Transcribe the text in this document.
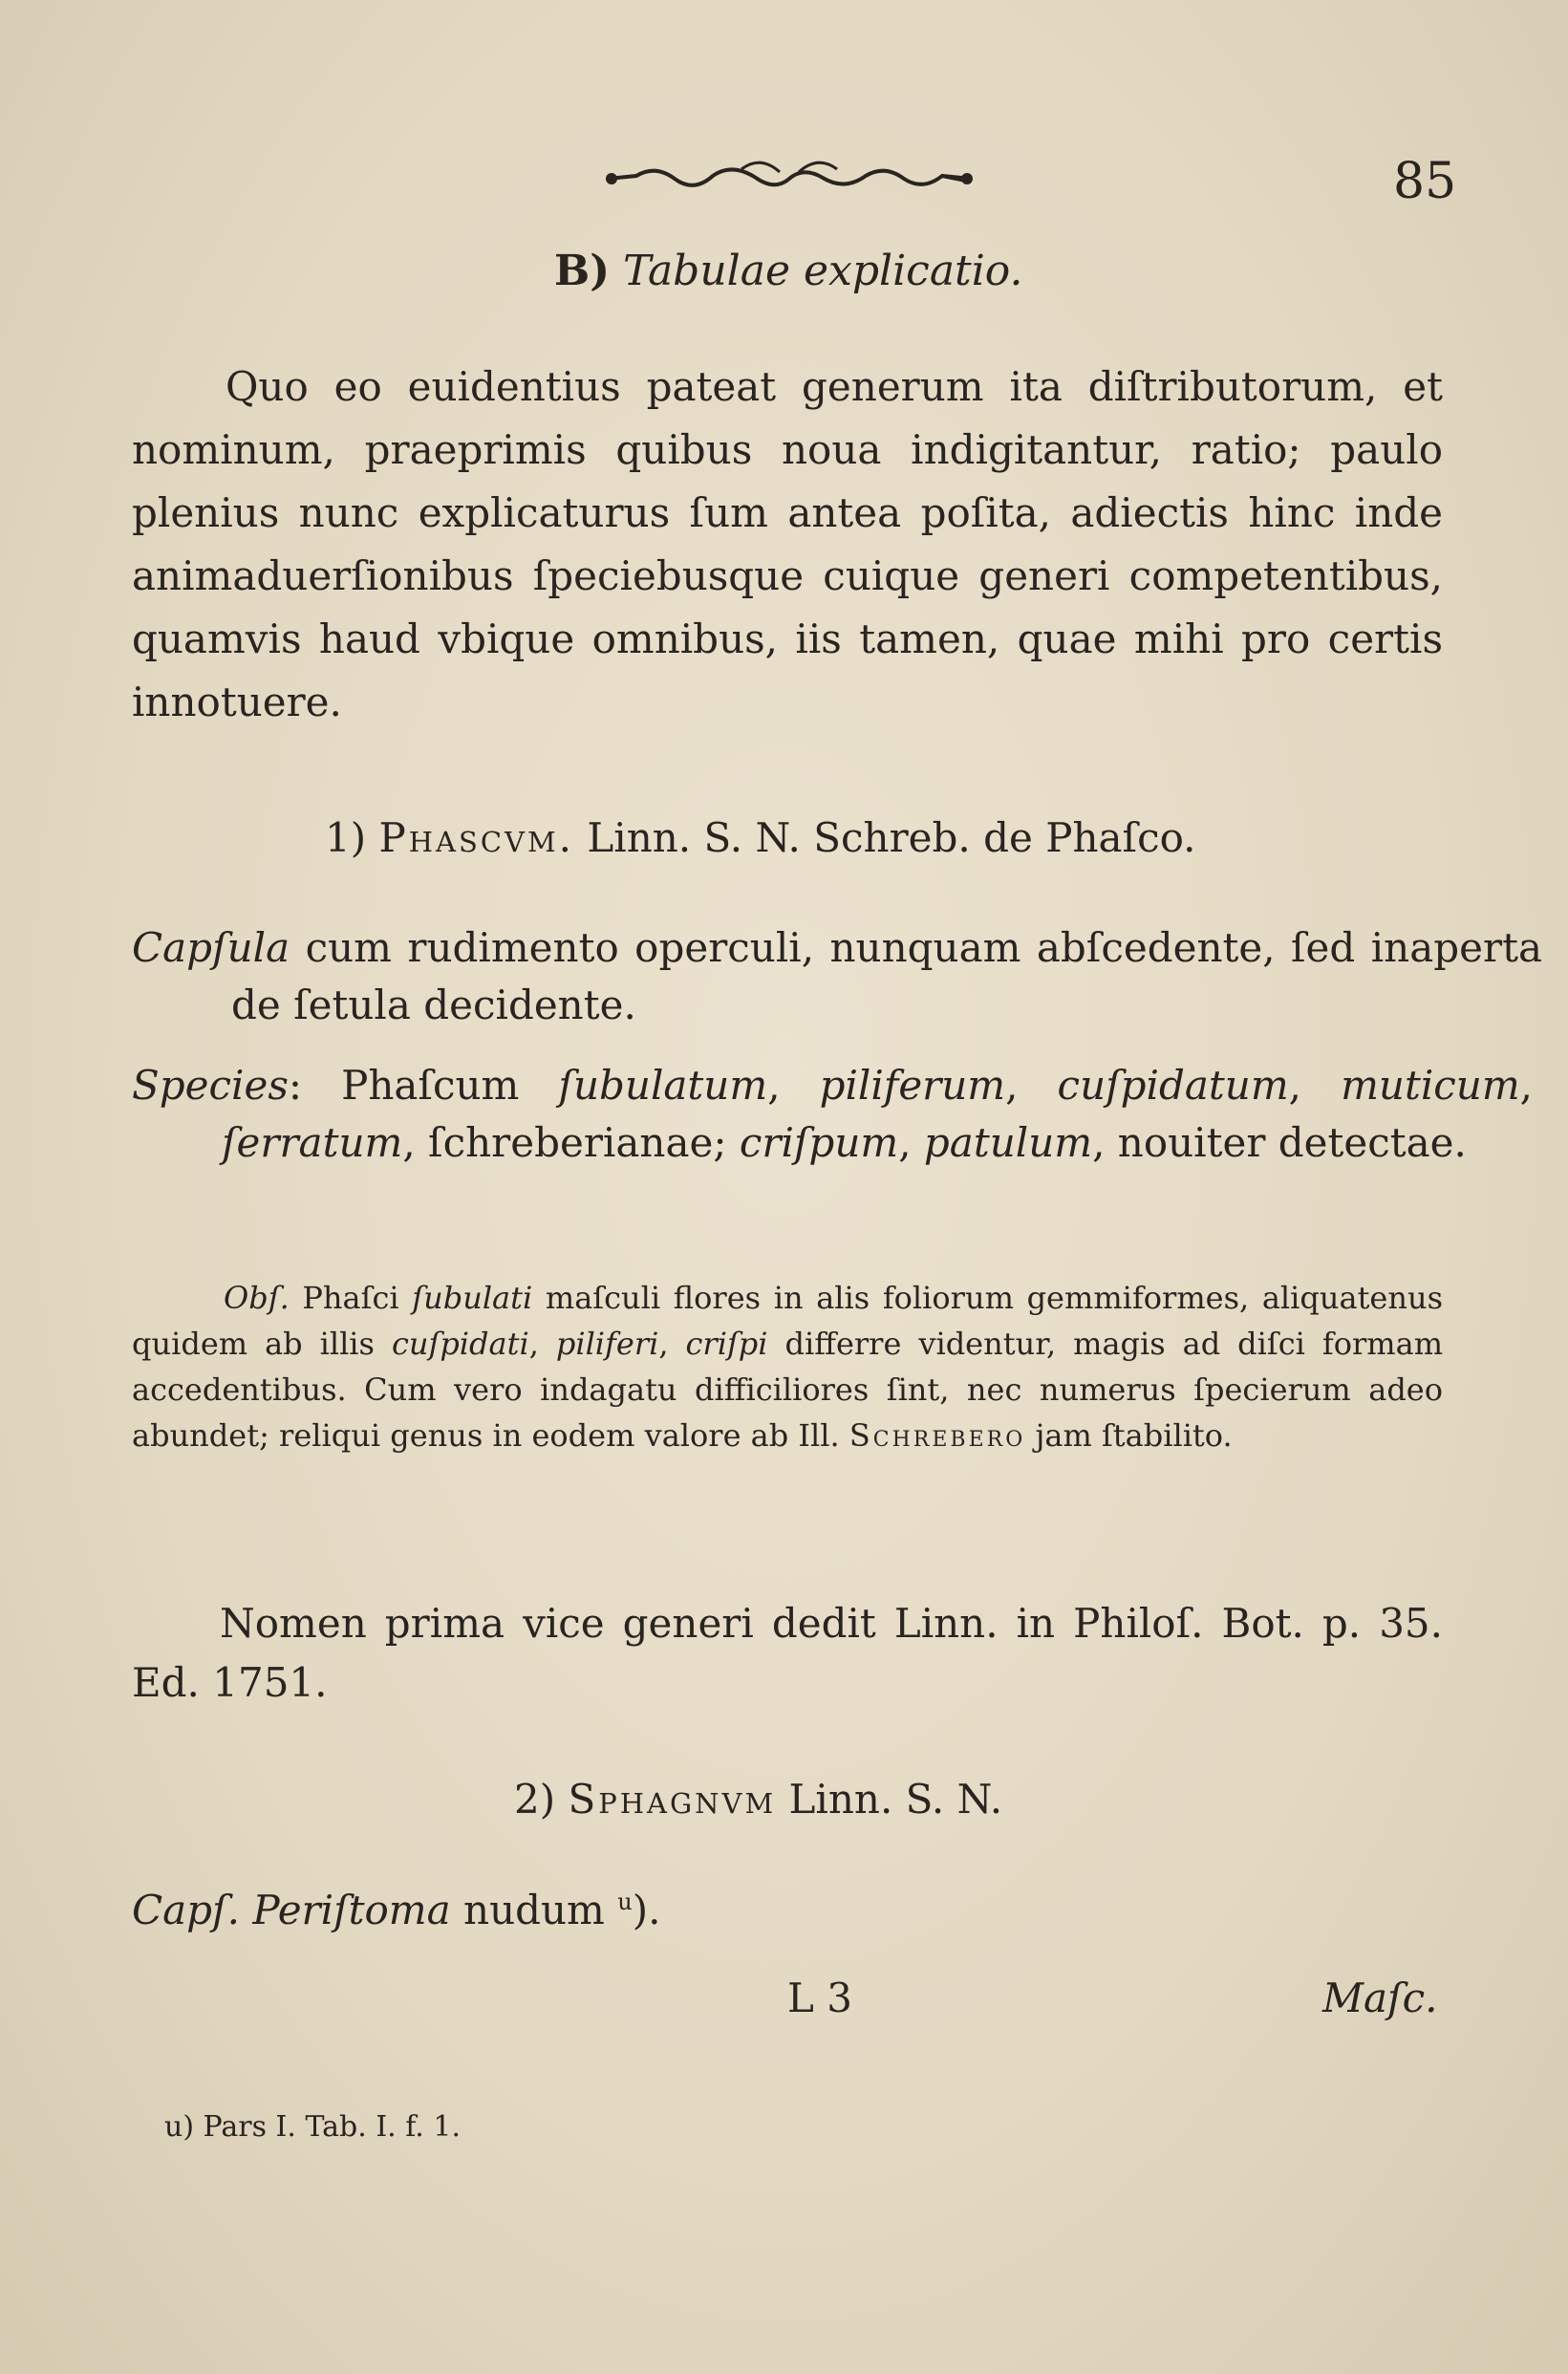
85
B) Tabulae explicatio.
Quo eo euidentius pateat generum ita diſtributorum, et nominum, praeprimis quibus noua indigitantur, ratio; paulo plenius nunc explicaturus ſum antea poſita, adiectis hinc inde animaduerſionibus ſpeciebusque cuique generi competentibus, quamvis haud vbique omnibus, iis tamen, quae mihi pro certis innotuere.
1) Phascvm. Linn. S. N. Schreb. de Phaſco.
Capſula cum rudimento operculi, nunquam abſcedente, ſed inaperta de ſetula decidente.
Species: Phaſcum ſubulatum, piliferum, cuſpidatum, muticum, ſerratum, ſchreberianae; criſpum, patulum, nouiter detectae.
Obſ. Phaſci ſubulati maſculi flores in alis foliorum gemmiformes, aliquatenus quidem ab illis cuſpidati, piliferi, criſpi differre videntur, magis ad diſci formam accedentibus. Cum vero indagatu difficiliores ſint, nec numerus ſpecierum adeo abundet; reliqui genus in eodem valore ab Ill. Schrebero jam ſtabilito.
Nomen prima vice generi dedit Linn. in Philoſ. Bot. p. 35. Ed. 1751.
2) Sphagnvm Linn. S. N.
Capſ. Periſtoma nudum $^u$).
L 3	Maſc.
u) Pars I. Tab. I. f. 1.
